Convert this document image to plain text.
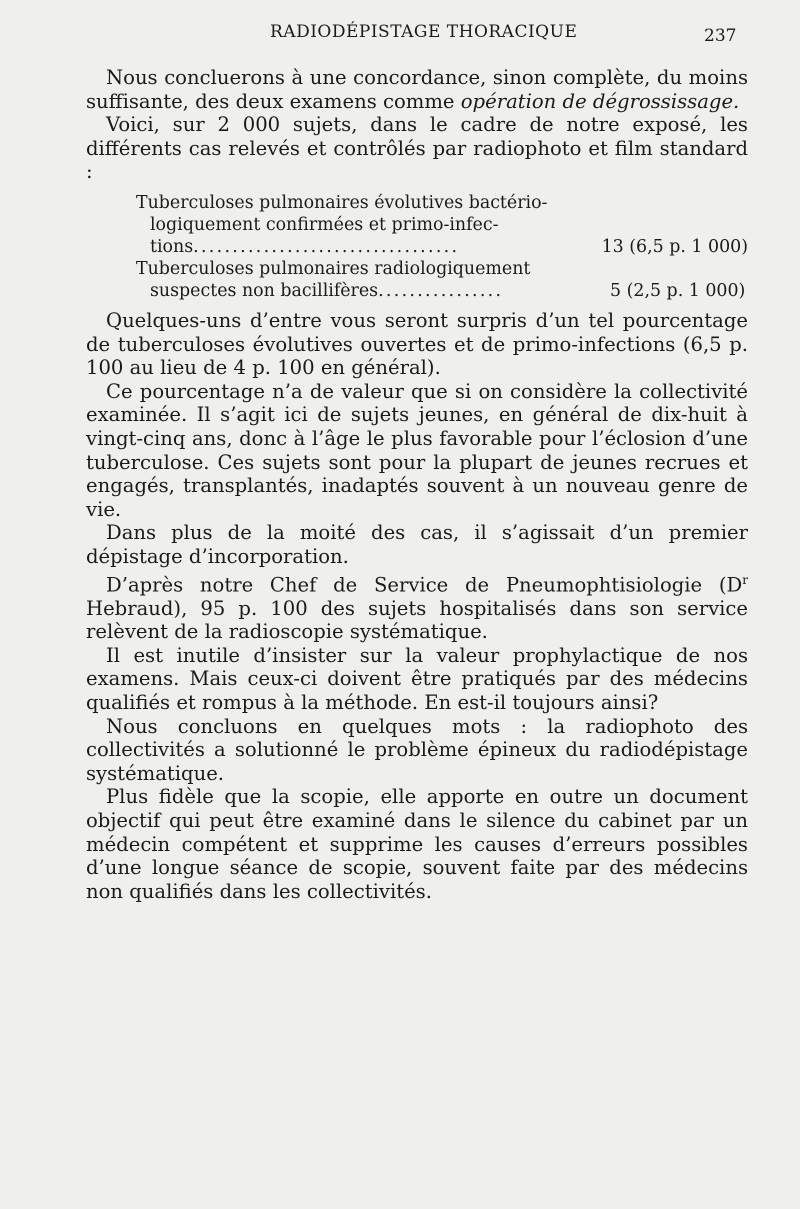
RADIODÉPISTAGE THORACIQUE	237

Nous concluerons à une concordance, sinon complète, du moins suffisante, des deux examens comme opération de dégrossissage.

Voici, sur 2 000 sujets, dans le cadre de notre exposé, les différents cas relevés et contrôlés par radiophoto et film standard :

Tuberculoses pulmonaires évolutives bactério-
logiquement confirmées et primo-infec-
tions ..................................	13 (6,5 p. 1 000)
Tuberculoses pulmonaires radiologiquement
suspectes non bacillifères ................	5 (2,5 p. 1 000)

Quelques-uns d’entre vous seront surpris d’un tel pourcentage de tuberculoses évolutives ouvertes et de primo-infections (6,5 p. 100 au lieu de 4 p. 100 en général).

Ce pourcentage n’a de valeur que si on considère la collectivité examinée. Il s’agit ici de sujets jeunes, en général de dix-huit à vingt-cinq ans, donc à l’âge le plus favorable pour l’éclosion d’une tuberculose. Ces sujets sont pour la plupart de jeunes recrues et engagés, transplantés, inadaptés souvent à un nouveau genre de vie.

Dans plus de la moité des cas, il s’agissait d’un premier dépistage d’incorporation.

D’après notre Chef de Service de Pneumophtisiologie ($D^r$ Hebraud), 95 p. 100 des sujets hospitalisés dans son service relèvent de la radioscopie systématique.

Il est inutile d’insister sur la valeur prophylactique de nos examens. Mais ceux-ci doivent être pratiqués par des médecins qualifiés et rompus à la méthode. En est-il toujours ainsi?

Nous concluons en quelques mots : la radiophoto des collectivités a solutionné le problème épineux du radiodépistage systématique.

Plus fidèle que la scopie, elle apporte en outre un document objectif qui peut être examiné dans le silence du cabinet par un médecin compétent et supprime les causes d’erreurs possibles d’une longue séance de scopie, souvent faite par des médecins non qualifiés dans les collectivités.
